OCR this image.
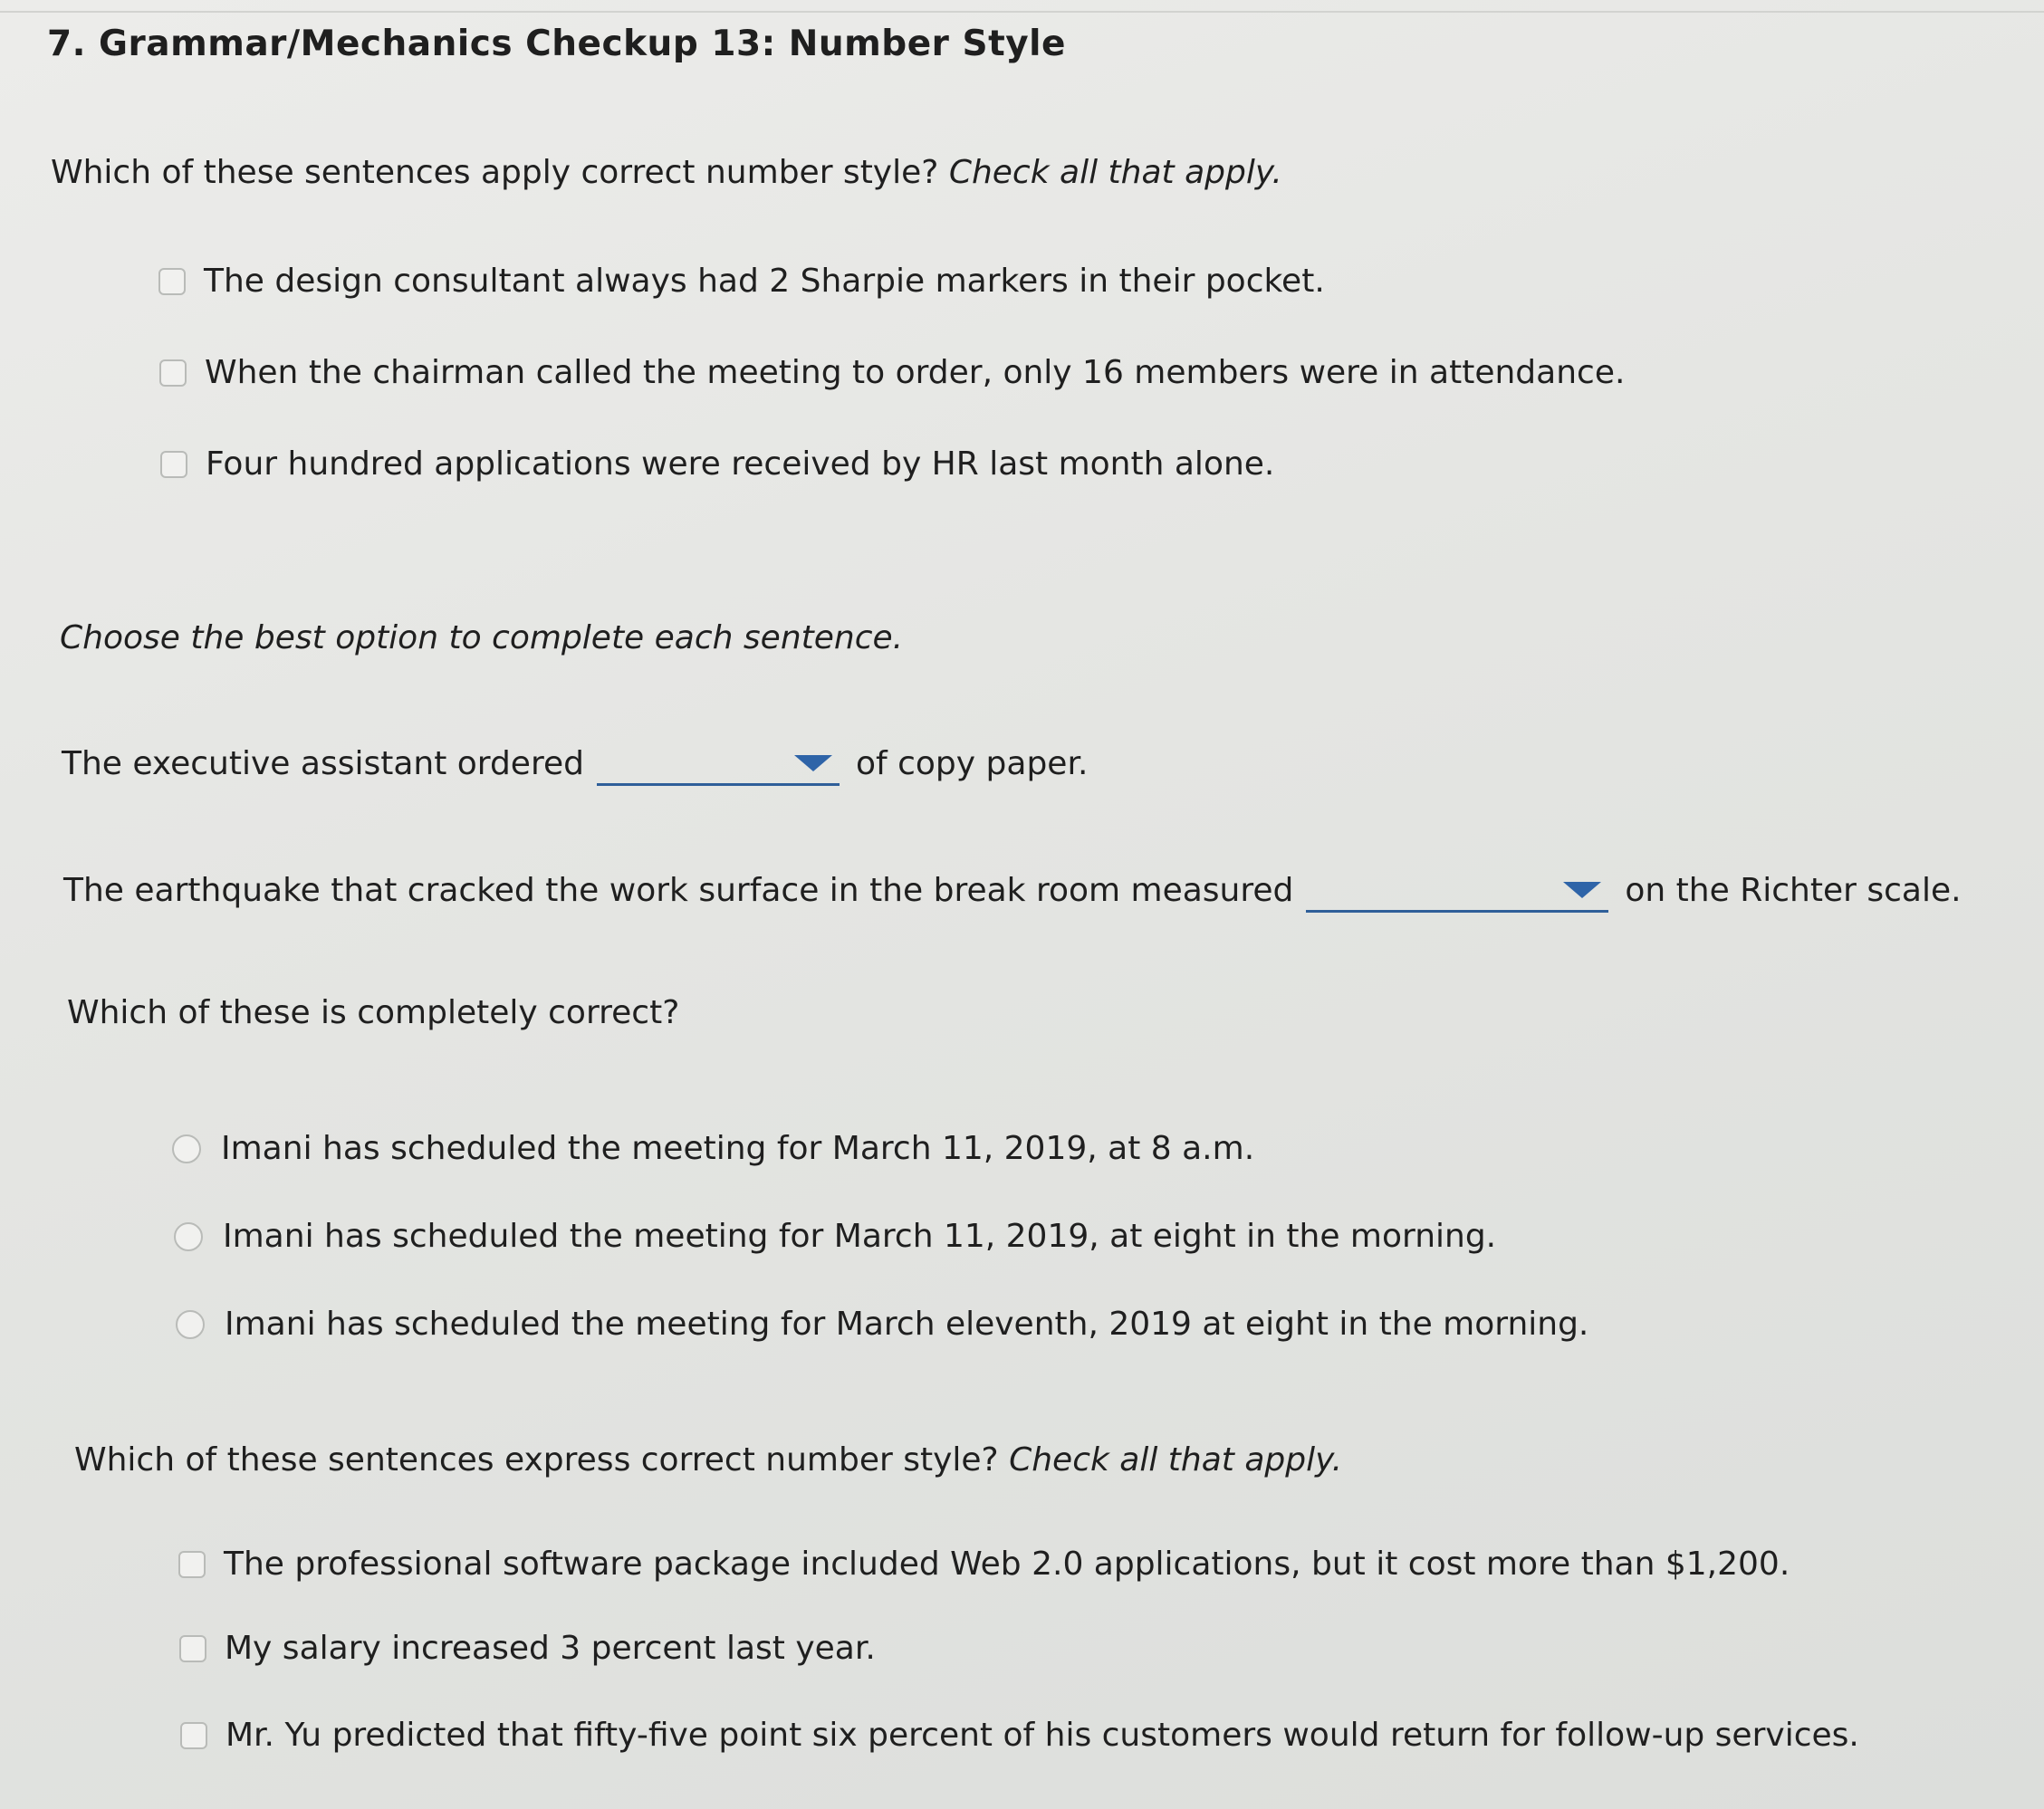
7. Grammar/Mechanics Checkup 13: Number Style
Which of these sentences apply correct number style? Check all that apply.
The design consultant always had 2 Sharpie markers in their pocket.
When the chairman called the meeting to order, only 16 members were in attendance.
Four hundred applications were received by HR last month alone.
Choose the best option to complete each sentence.
The executive assistant ordered	of copy paper.
The earthquake that cracked the work surface in the break room measured	on the Richter scale.
Which of these is completely correct?
Imani has scheduled the meeting for March 11, 2019, at 8 a.m.
Imani has scheduled the meeting for March 11, 2019, at eight in the morning.
Imani has scheduled the meeting for March eleventh, 2019 at eight in the morning.
Which of these sentences express correct number style? Check all that apply.
The professional software package included Web 2.0 applications, but it cost more than $1,200.
My salary increased 3 percent last year.
Mr. Yu predicted that fifty-five point six percent of his customers would return for follow-up services.
